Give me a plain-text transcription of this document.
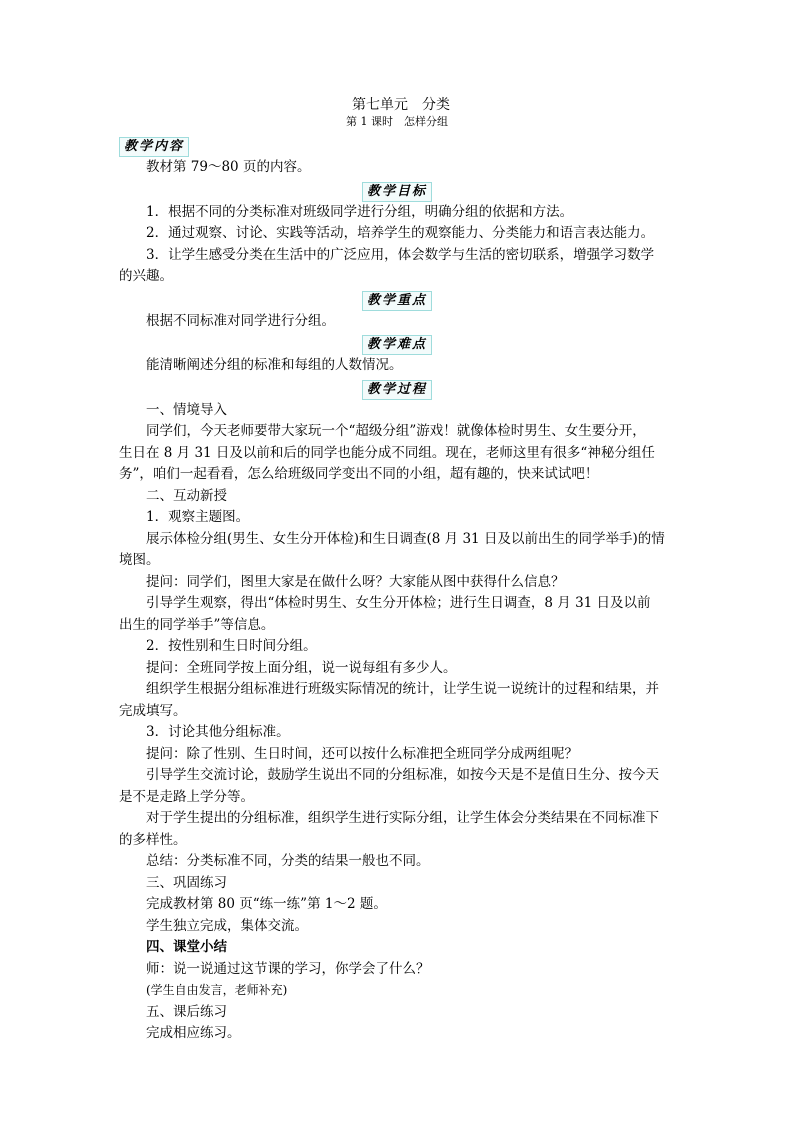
第七单元　分类
第 1 课时　怎样分组
教学内容

教材第 79～80 页的内容。

教学目标

1．根据不同的分类标准对班级同学进行分组，明确分组的依据和方法。

2．通过观察、讨论、实践等活动，培养学生的观察能力、分类能力和语言表达能力。

3．让学生感受分类在生活中的广泛应用，体会数学与生活的密切联系，增强学习数学

的兴趣。

教学重点

根据不同标准对同学进行分组。

教学难点

能清晰阐述分组的标准和每组的人数情况。

教学过程

一、情境导入

同学们，今天老师要带大家玩一个“超级分组”游戏！就像体检时男生、女生要分开，

生日在 8 月 31 日及以前和后的同学也能分成不同组。现在，老师这里有很多“神秘分组任

务”，咱们一起看看，怎么给班级同学变出不同的小组，超有趣的，快来试试吧！

二、互动新授

1．观察主题图。

展示体检分组(男生、女生分开体检)和生日调查(8 月 31 日及以前出生的同学举手)的情

境图。

提问：同学们，图里大家是在做什么呀？大家能从图中获得什么信息？

引导学生观察，得出“体检时男生、女生分开体检；进行生日调查，8 月 31 日及以前

出生的同学举手”等信息。

2．按性别和生日时间分组。

提问：全班同学按上面分组，说一说每组有多少人。

组织学生根据分组标准进行班级实际情况的统计，让学生说一说统计的过程和结果，并

完成填写。

3．讨论其他分组标准。

提问：除了性别、生日时间，还可以按什么标准把全班同学分成两组呢？

引导学生交流讨论，鼓励学生说出不同的分组标准，如按今天是不是值日生分、按今天

是不是走路上学分等。

对于学生提出的分组标准，组织学生进行实际分组，让学生体会分类结果在不同标准下

的多样性。

总结：分类标准不同，分类的结果一般也不同。

三、巩固练习

完成教材第 80 页“练一练”第 1～2 题。

学生独立完成，集体交流。

四、课堂小结

师：说一说通过这节课的学习，你学会了什么？

(学生自由发言，老师补充)

五、课后练习

完成相应练习。
